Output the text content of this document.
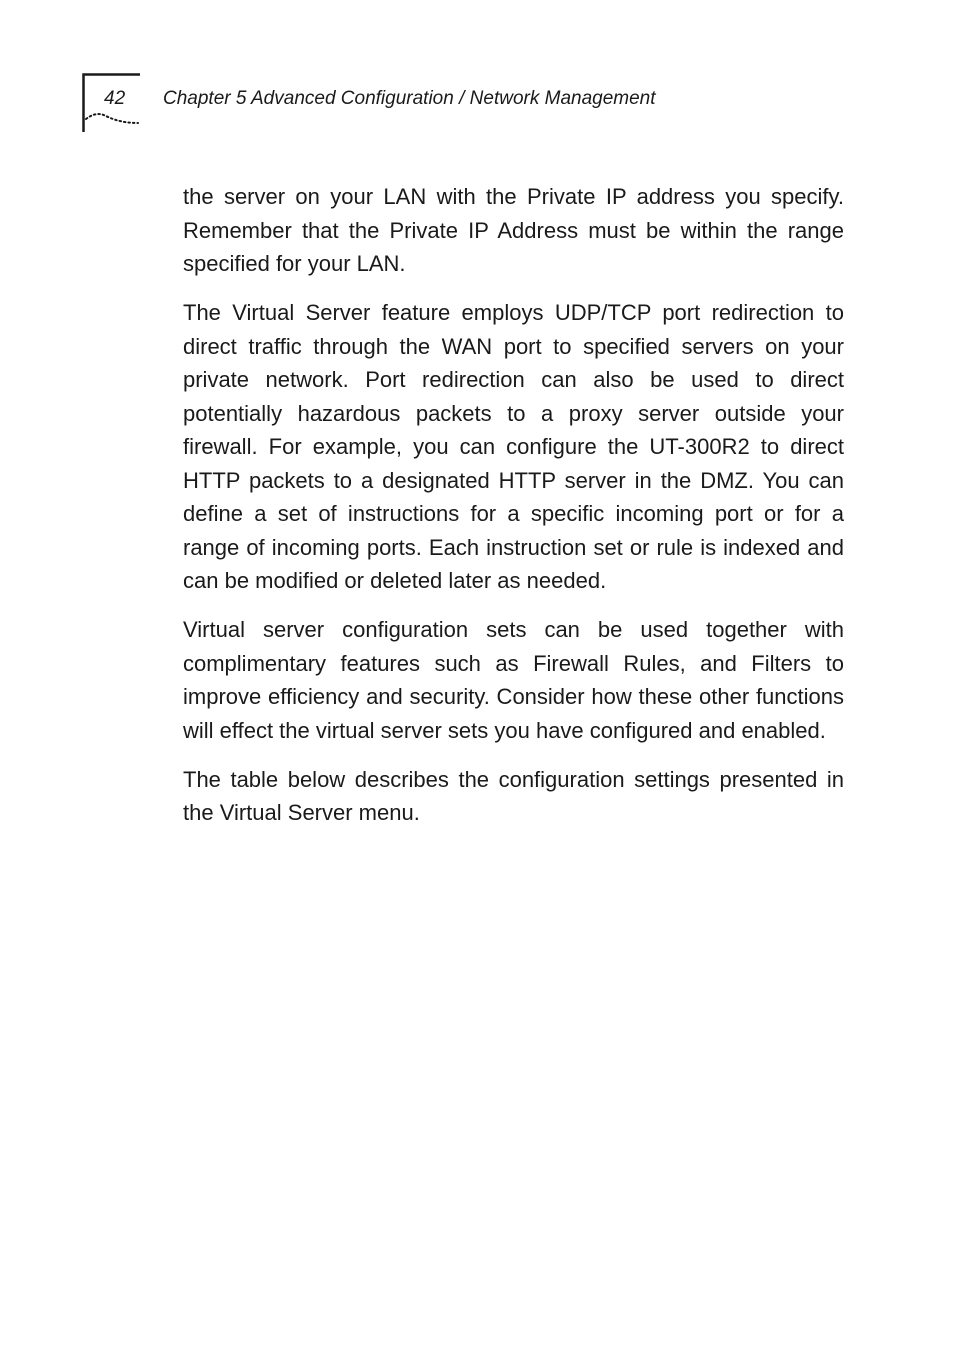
42 Chapter 5 Advanced Configuration / Network Management

the server on your LAN with the Private IP address you specify. Remember that the Private IP Address must be within the range specified for your LAN.

The Virtual Server feature employs UDP/TCP port redirection to direct traffic through the WAN port to specified servers on your private network. Port redirection can also be used to direct potentially hazardous packets to a proxy server outside your firewall. For example, you can configure the UT-300R2 to direct HTTP packets to a designated HTTP server in the DMZ. You can define a set of instructions for a specific incoming port or for a range of incoming ports. Each instruction set or rule is indexed and can be modified or deleted later as needed.

Virtual server configuration sets can be used together with complimentary features such as Firewall Rules, and Filters to improve efficiency and security. Consider how these other functions will effect the virtual server sets you have configured and enabled.

The table below describes the configuration settings presented in the Virtual Server menu.
